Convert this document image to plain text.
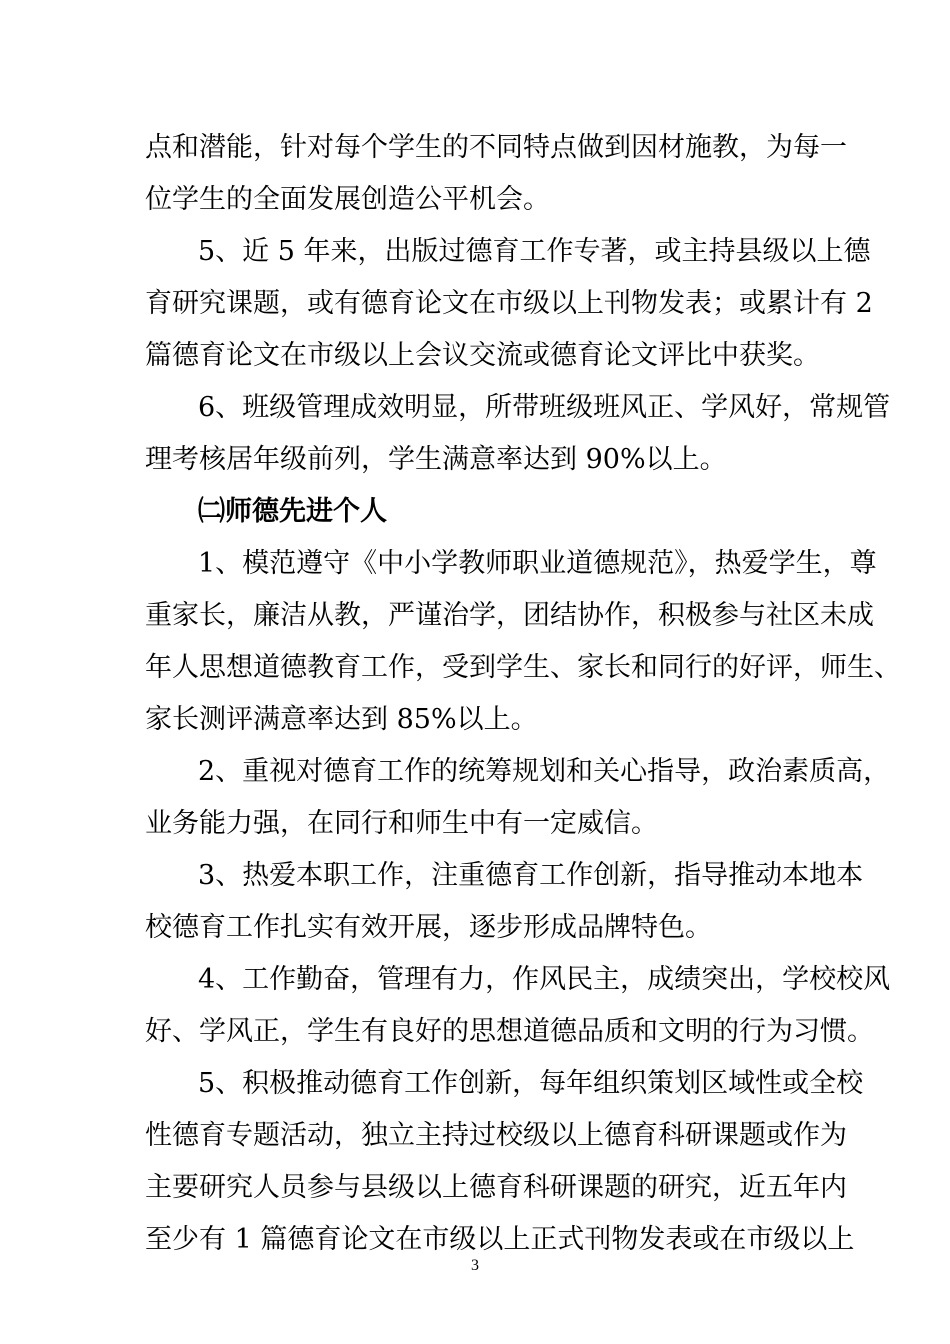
点和潜能，针对每个学生的不同特点做到因材施教，为每一
位学生的全面发展创造公平机会。
5、近 5 年来，出版过德育工作专著，或主持县级以上德
育研究课题，或有德育论文在市级以上刊物发表；或累计有 2
篇德育论文在市级以上会议交流或德育论文评比中获奖。
6、班级管理成效明显，所带班级班风正、学风好，常规管
理考核居年级前列，学生满意率达到 90%以上。
㈡师德先进个人
1、模范遵守《中小学教师职业道德规范》，热爱学生，尊
重家长，廉洁从教，严谨治学，团结协作，积极参与社区未成
年人思想道德教育工作，受到学生、家长和同行的好评，师生、
家长测评满意率达到 85%以上。
2、重视对德育工作的统筹规划和关心指导，政治素质高，
业务能力强，在同行和师生中有一定威信。
3、热爱本职工作，注重德育工作创新，指导推动本地本
校德育工作扎实有效开展，逐步形成品牌特色。
4、工作勤奋，管理有力，作风民主，成绩突出，学校校风
好、学风正，学生有良好的思想道德品质和文明的行为习惯。
5、积极推动德育工作创新，每年组织策划区域性或全校
性德育专题活动，独立主持过校级以上德育科研课题或作为
主要研究人员参与县级以上德育科研课题的研究，近五年内
至少有 1 篇德育论文在市级以上正式刊物发表或在市级以上
3
